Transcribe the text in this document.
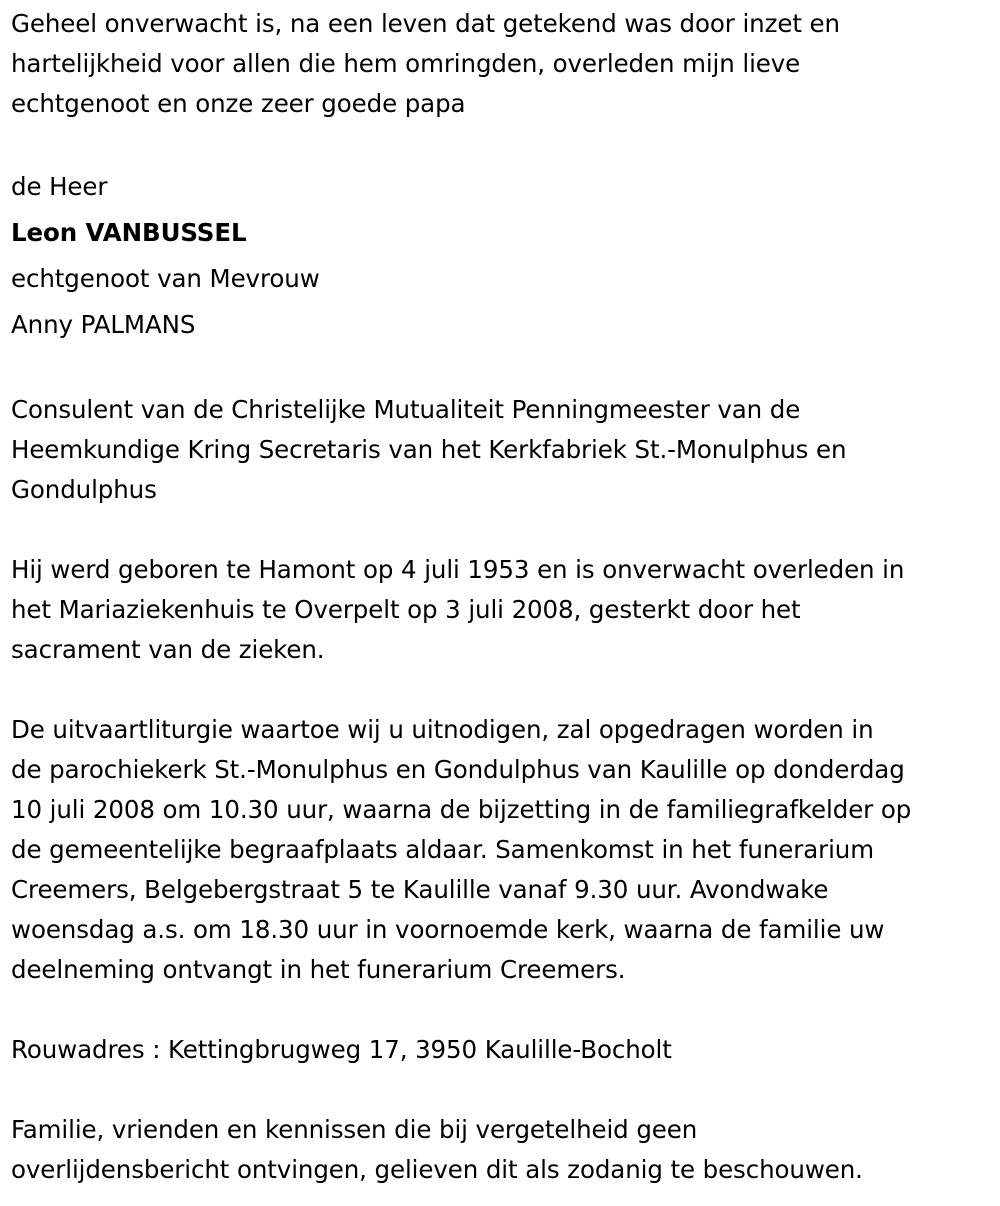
Geheel onverwacht is, na een leven dat getekend was door inzet en
hartelijkheid voor allen die hem omringden, overleden mijn lieve
echtgenoot en onze zeer goede papa

de Heer
Leon VANBUSSEL
echtgenoot van Mevrouw
Anny PALMANS

Consulent van de Christelijke Mutualiteit Penningmeester van de
Heemkundige Kring Secretaris van het Kerkfabriek St.-Monulphus en
Gondulphus

Hij werd geboren te Hamont op 4 juli 1953 en is onverwacht overleden in
het Mariaziekenhuis te Overpelt op 3 juli 2008, gesterkt door het
sacrament van de zieken.

De uitvaartliturgie waartoe wij u uitnodigen, zal opgedragen worden in
de parochiekerk St.-Monulphus en Gondulphus van Kaulille op donderdag
10 juli 2008 om 10.30 uur, waarna de bijzetting in de familiegrafkelder op
de gemeentelijke begraafplaats aldaar. Samenkomst in het funerarium
Creemers, Belgebergstraat 5 te Kaulille vanaf 9.30 uur. Avondwake
woensdag a.s. om 18.30 uur in voornoemde kerk, waarna de familie uw
deelneming ontvangt in het funerarium Creemers.

Rouwadres : Kettingbrugweg 17, 3950 Kaulille-Bocholt

Familie, vrienden en kennissen die bij vergetelheid geen
overlijdensbericht ontvingen, gelieven dit als zodanig te beschouwen.
